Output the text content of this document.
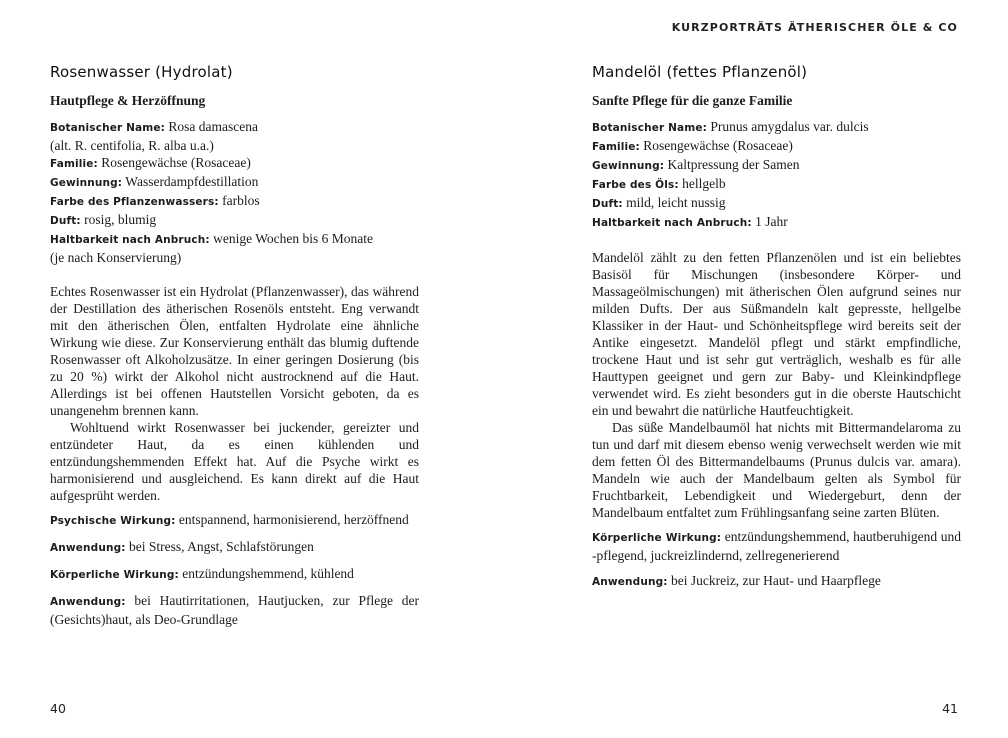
KURZPORTRÄTS ÄTHERISCHER ÖLE & CO
Rosenwasser (Hydrolat)
Hautpflege & Herzöffnung
Botanischer Name: Rosa damascena
(alt. R. centifolia, R. alba u.a.)
Familie: Rosengewächse (Rosaceae)
Gewinnung: Wasserdampfdestillation
Farbe des Pflanzenwassers: farblos
Duft: rosig, blumig
Haltbarkeit nach Anbruch: wenige Wochen bis 6 Monate
(je nach Konservierung)

Echtes Rosenwasser ist ein Hydrolat (Pflanzenwasser), das während der Destillation des ätherischen Rosenöls entsteht. Eng verwandt mit den ätherischen Ölen, entfalten Hydrolate eine ähnliche Wirkung wie diese. Zur Konservierung enthält das blumig duftende Rosenwasser oft Alkoholzusätze. In einer geringen Dosierung (bis zu 20 %) wirkt der Alkohol nicht austrocknend auf die Haut. Allerdings ist bei offenen Hautstellen Vorsicht geboten, da es unangenehm brennen kann.

Wohltuend wirkt Rosenwasser bei juckender, gereizter und entzündeter Haut, da es einen kühlenden und entzündungshemmenden Effekt hat. Auf die Psyche wirkt es harmonisierend und ausgleichend. Es kann direkt auf die Haut aufgesprüht werden.

Psychische Wirkung: entspannend, harmonisierend, herzöffnend

Anwendung: bei Stress, Angst, Schlafstörungen

Körperliche Wirkung: entzündungshemmend, kühlend

Anwendung: bei Hautirritationen, Hautjucken, zur Pflege der (Gesichts)haut, als Deo-Grundlage

Mandelöl (fettes Pflanzenöl)
Sanfte Pflege für die ganze Familie
Botanischer Name: Prunus amygdalus var. dulcis
Familie: Rosengewächse (Rosaceae)
Gewinnung: Kaltpressung der Samen
Farbe des Öls: hellgelb
Duft: mild, leicht nussig
Haltbarkeit nach Anbruch: 1 Jahr

Mandelöl zählt zu den fetten Pflanzenölen und ist ein beliebtes Basisöl für Mischungen (insbesondere Körper- und Massageölmischungen) mit ätherischen Ölen aufgrund seines nur milden Dufts. Der aus Süßmandeln kalt gepresste, hellgelbe Klassiker in der Haut- und Schönheitspflege wird bereits seit der Antike eingesetzt. Mandelöl pflegt und stärkt empfindliche, trockene Haut und ist sehr gut verträglich, weshalb es für alle Hauttypen geeignet und gern zur Baby- und Kleinkindpflege verwendet wird. Es zieht besonders gut in die oberste Hautschicht ein und bewahrt die natürliche Hautfeuchtigkeit.

Das süße Mandelbaumöl hat nichts mit Bittermandelaroma zu tun und darf mit diesem ebenso wenig verwechselt werden wie mit dem fetten Öl des Bittermandelbaums (Prunus dulcis var. amara). Mandeln wie auch der Mandelbaum gelten als Symbol für Fruchtbarkeit, Lebendigkeit und Wiedergeburt, denn der Mandelbaum entfaltet zum Frühlingsanfang seine zarten Blüten.

Körperliche Wirkung: entzündungshemmend, hautberuhigend und -pflegend, juckreizlindernd, zellregenerierend

Anwendung: bei Juckreiz, zur Haut- und Haarpflege

40	41
